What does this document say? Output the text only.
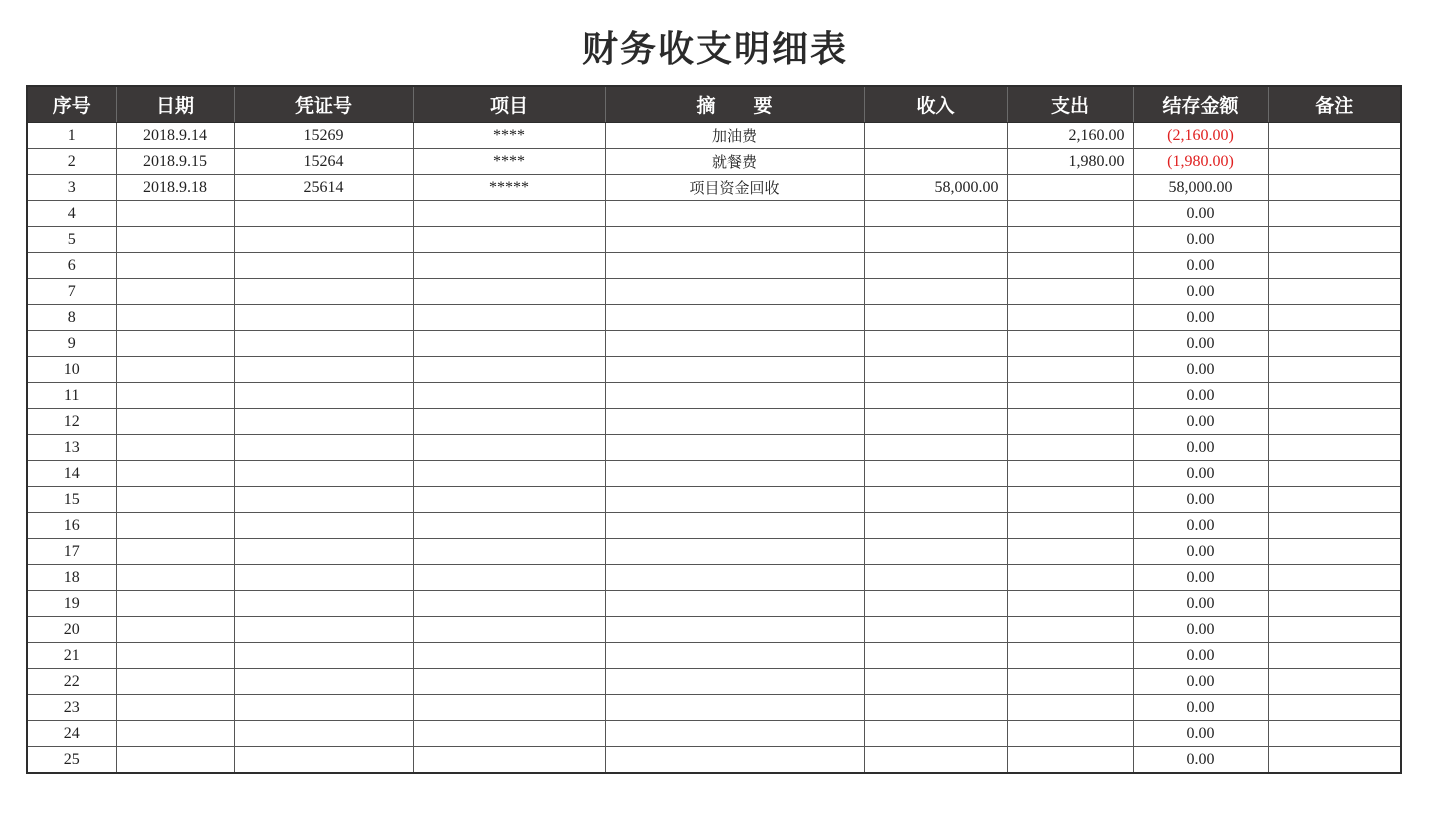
财务收支明细表
序号	日期	凭证号	项目	摘　　要	收入	支出	结存金额	备注
1	2018.9.14	15269	****	加油费		2,160.00	(2,160.00)	
2	2018.9.15	15264	****	就餐费		1,980.00	(1,980.00)	
3	2018.9.18	25614	*****	项目资金回收	58,000.00		58,000.00	
4							0.00	
5							0.00	
6							0.00	
7							0.00	
8							0.00	
9							0.00	
10							0.00	
11							0.00	
12							0.00	
13							0.00	
14							0.00	
15							0.00	
16							0.00	
17							0.00	
18							0.00	
19							0.00	
20							0.00	
21							0.00	
22							0.00	
23							0.00	
24							0.00	
25							0.00	
